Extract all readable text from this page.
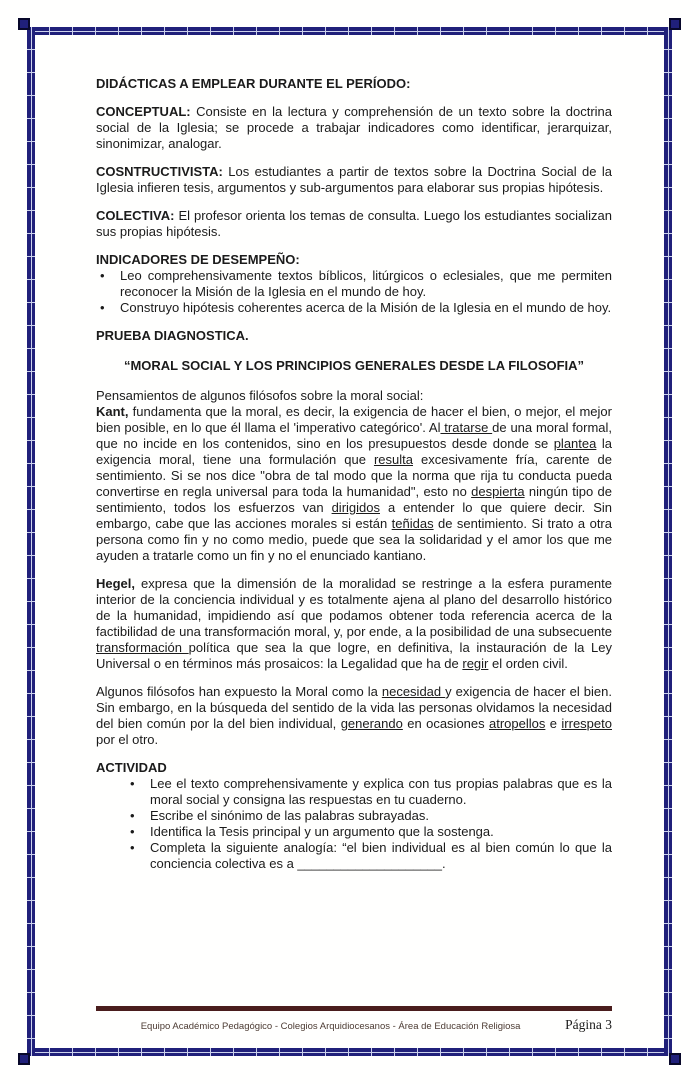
DIDÁCTICAS A EMPLEAR DURANTE EL PERÍODO:

CONCEPTUAL: Consiste en la lectura y comprehensión de un texto sobre la doctrina social de la Iglesia; se procede a trabajar indicadores como identificar, jerarquizar, sinonimizar, analogar.

COSNTRUCTIVISTA: Los estudiantes a partir de textos sobre la Doctrina Social de la Iglesia infieren tesis, argumentos y sub-argumentos para elaborar sus propias hipótesis.

COLECTIVA: El profesor orienta los temas de consulta. Luego los estudiantes socializan sus propias hipótesis.

INDICADORES DE DESEMPEÑO:
• Leo comprehensivamente textos bíblicos, litúrgicos o eclesiales, que me permiten reconocer la Misión de la Iglesia en el mundo de hoy.
• Construyo hipótesis coherentes acerca de la Misión de la Iglesia en el mundo de hoy.
PRUEBA DIAGNOSTICA.
“MORAL SOCIAL Y LOS PRINCIPIOS GENERALES DESDE LA FILOSOFIA”

Pensamientos de algunos filósofos sobre la moral social:

Kant, fundamenta que la moral, es decir, la exigencia de hacer el bien, o mejor, el mejor bien posible, en lo que él llama el 'imperativo categórico'. Al tratarse de una moral formal, que no incide en los contenidos, sino en los presupuestos desde donde se plantea la exigencia moral, tiene una formulación que resulta excesivamente fría, carente de sentimiento. Si se nos dice "obra de tal modo que la norma que rija tu conducta pueda convertirse en regla universal para toda la humanidad", esto no despierta ningún tipo de sentimiento, todos los esfuerzos van dirigidos a entender lo que quiere decir. Sin embargo, cabe que las acciones morales si están teñidas de sentimiento. Si trato a otra persona como fin y no como medio, puede que sea la solidaridad y el amor los que me ayuden a tratarle como un fin y no el enunciado kantiano.

Hegel, expresa que la dimensión de la moralidad se restringe a la esfera puramente interior de la conciencia individual y es totalmente ajena al plano del desarrollo histórico de la humanidad, impidiendo así que podamos obtener toda referencia acerca de la factibilidad de una transformación moral, y, por ende, a la posibilidad de una subsecuente transformación política que sea la que logre, en definitiva, la instauración de la Ley Universal o en términos más prosaicos: la Legalidad que ha de regir el orden civil.

Algunos filósofos han expuesto la Moral como la necesidad y exigencia de hacer el bien. Sin embargo, en la búsqueda del sentido de la vida las personas olvidamos la necesidad del bien común por la del bien individual, generando en ocasiones atropellos e irrespeto por el otro.

ACTIVIDAD
• Lee el texto comprehensivamente y explica con tus propias palabras que es la moral social y consigna las respuestas en tu cuaderno.
• Escribe el sinónimo de las palabras subrayadas.
• Identifica la Tesis principal y un argumento que la sostenga.
• Completa la siguiente analogía: “el bien individual es al bien común lo que la conciencia colectiva es a ____________________.
Equipo Académico Pedagógico - Colegios Arquidiocesanos - Área de Educación Religiosa	Página 3
